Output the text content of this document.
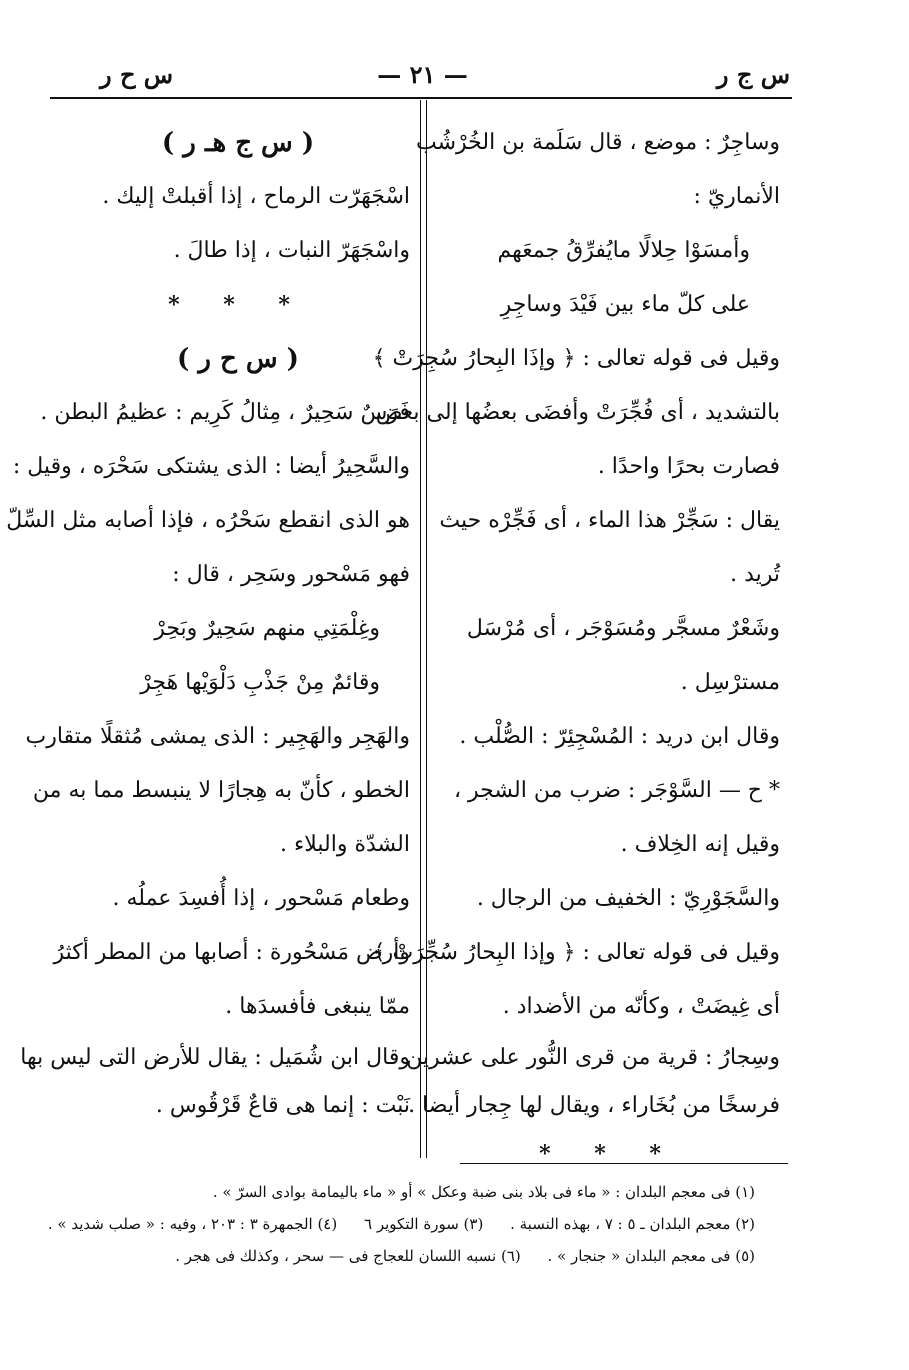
س ج ر
— ٢١ —
س ح ر
وساجِرٌ : موضع ، قال سَلَمة بن الخُرْشُب
الأنماريّ :
وأمسَوْا حِلالًا مايُفرِّقُ جمعَهم
على كلّ ماء بين فَيْدَ وساجِرِ
وقيل فى قوله تعالى : ﴿ وإذَا البِحارُ سُجِرَتْ ﴾
بالتشديد ، أى فُجِّرَتْ وأفضَى بعضُها إلى بعض
فصارت بحرًا واحدًا .
يقال : سَجِّرْ هذا الماء ، أى فَجِّرْه حيث
تُريد .
وشَعْرٌ مسجَّر ومُسَوْجَر ، أى مُرْسَل
مسترْسِل .
وقال ابن دريد : المُسْجِئِرّ : الصُّلْب .
* ح — السَّوْجَر : ضرب من الشجر ،
وقيل إنه الخِلاف .
والسَّجَوْرِيّ : الخفيف من الرجال .
وقيل فى قوله تعالى : ﴿ وإذا البِحارُ سُجِّرَتْ ﴾
أى غِيضَتْ ، وكأنّه من الأضداد .
وسِجارُ : قرية من قرى النُّور على عشرين
فرسخًا من بُخَاراء ، ويقال لها جِجار أيضا .
* * *
( س ج هـ ر )
اسْجَهَرّت الرماح ، إذا أقبلتْ إليك .
واسْجَهَرّ النبات ، إذا طالَ .
* * *
( س ح ر )
فَرَسٌ سَحِيرٌ ، مِثالُ كَرِيم : عظيمُ البطن .
والسَّحِيرُ أيضا : الذى يشتكى سَحْرَه ، وقيل :
هو الذى انقطع سَحْرُه ، فإذا أصابه مثل السِّلّ
فهو مَسْحور وسَحِر ، قال :
وغِلْمَتِي منهم سَحِيرٌ وبَحِرْ
وقائمٌ مِنْ جَذْبِ دَلْوَيْها هَجِرْ
والهَجِر والهَجِير : الذى يمشى مُثقلًا متقارب
الخطو ، كأنّ به هِجارًا لا ينبسط مما به من
الشدّة والبلاء .
وطعام مَسْحور ، إذا أُفسِدَ عملُه .
وأرض مَسْحُورة : أصابها من المطر أكثرُ
ممّا ينبغى فأفسدَها .
وقال ابن شُمَيل : يقال للأرض التى ليس بها
نَبْت : إنما هى قاعٌ قَرْقُوس .
(١) فى معجم البلدان : « ماء فى بلاد بنى ضبة وعكل » أو « ماء باليمامة بوادى السرّ » .
(٢) معجم البلدان ـ ٥ : ٧ ، بهذه النسبة . (٣) سورة التكوير ٦ (٤) الجمهرة ٣ : ٢٠٣ ، وفيه : « صلب شديد » .
(٥) فى معجم البلدان « جنجار » . (٦) نسبه اللسان للعجاج فى — سحر ، وكذلك فى هجر .
